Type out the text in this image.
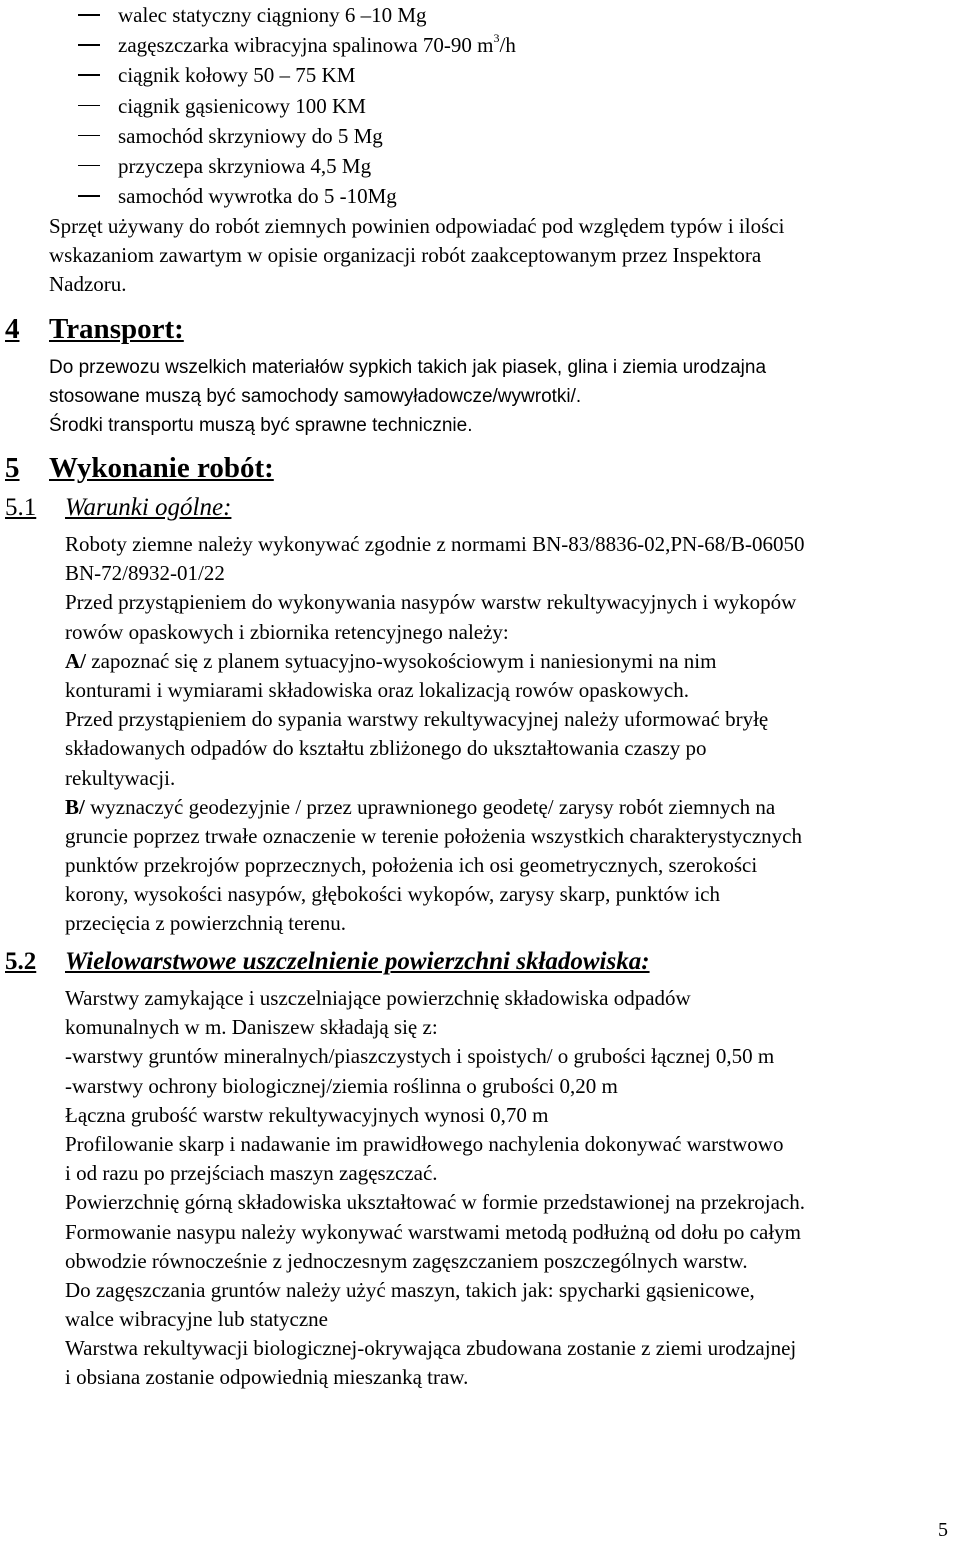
walec statyczny ciągniony 6 –10 Mg
zagęszczarka wibracyjna spalinowa 70-90 $m^3/h$
ciągnik kołowy 50 – 75 KM
ciągnik gąsienicowy 100 KM
samochód skrzyniowy do 5 Mg
przyczepa skrzyniowa 4,5 Mg
samochód wywrotka do 5 -10Mg
Sprzęt używany do robót ziemnych powinien odpowiadać pod względem typów i ilości
wskazaniom zawartym w opisie organizacji robót zaakceptowanym przez Inspektora
Nadzoru.
4 Transport:
Do przewozu wszelkich materiałów sypkich takich jak piasek, glina i ziemia urodzajna
stosowane muszą być samochody samowyładowcze/wywrotki/.
Środki transportu muszą być sprawne technicznie.
5 Wykonanie robót:
5.1 Warunki ogólne:
Roboty ziemne należy wykonywać zgodnie z normami BN-83/8836-02,PN-68/B-06050
BN-72/8932-01/22
Przed przystąpieniem do wykonywania nasypów warstw rekultywacyjnych i wykopów
rowów opaskowych i zbiornika retencyjnego należy:
A/ zapoznać się z planem sytuacyjno-wysokościowym i naniesionymi na nim
konturami i wymiarami składowiska oraz lokalizacją rowów opaskowych.
Przed przystąpieniem do sypania warstwy rekultywacyjnej należy uformować bryłę
składowanych odpadów do kształtu zbliżonego do ukształtowania czaszy po
rekultywacji.
B/ wyznaczyć geodezyjnie / przez uprawnionego geodetę/ zarysy robót ziemnych na
gruncie poprzez trwałe oznaczenie w terenie położenia wszystkich charakterystycznych
punktów przekrojów poprzecznych, położenia ich osi geometrycznych, szerokości
korony, wysokości nasypów, głębokości wykopów, zarysy skarp, punktów ich
przecięcia z powierzchnią terenu.
5.2 Wielowarstwowe uszczelnienie powierzchni składowiska:
Warstwy zamykające i uszczelniające powierzchnię składowiska odpadów
komunalnych w m. Daniszew składają się z:
-warstwy gruntów mineralnych/piaszczystych i spoistych/ o grubości łącznej 0,50 m
-warstwy ochrony biologicznej/ziemia roślinna o grubości 0,20 m
Łączna grubość warstw rekultywacyjnych wynosi 0,70 m
Profilowanie skarp i nadawanie im prawidłowego nachylenia dokonywać warstwowo
i od razu po przejściach maszyn zagęszczać.
Powierzchnię górną składowiska ukształtować w formie przedstawionej na przekrojach.
Formowanie nasypu należy wykonywać warstwami metodą podłużną od dołu po całym
obwodzie równocześnie z jednoczesnym zagęszczaniem poszczególnych warstw.
Do zagęszczania gruntów należy użyć maszyn, takich jak: spycharki gąsienicowe,
walce wibracyjne lub statyczne
Warstwa rekultywacji biologicznej-okrywająca zbudowana zostanie z ziemi urodzajnej
i obsiana zostanie odpowiednią mieszanką traw.
5
